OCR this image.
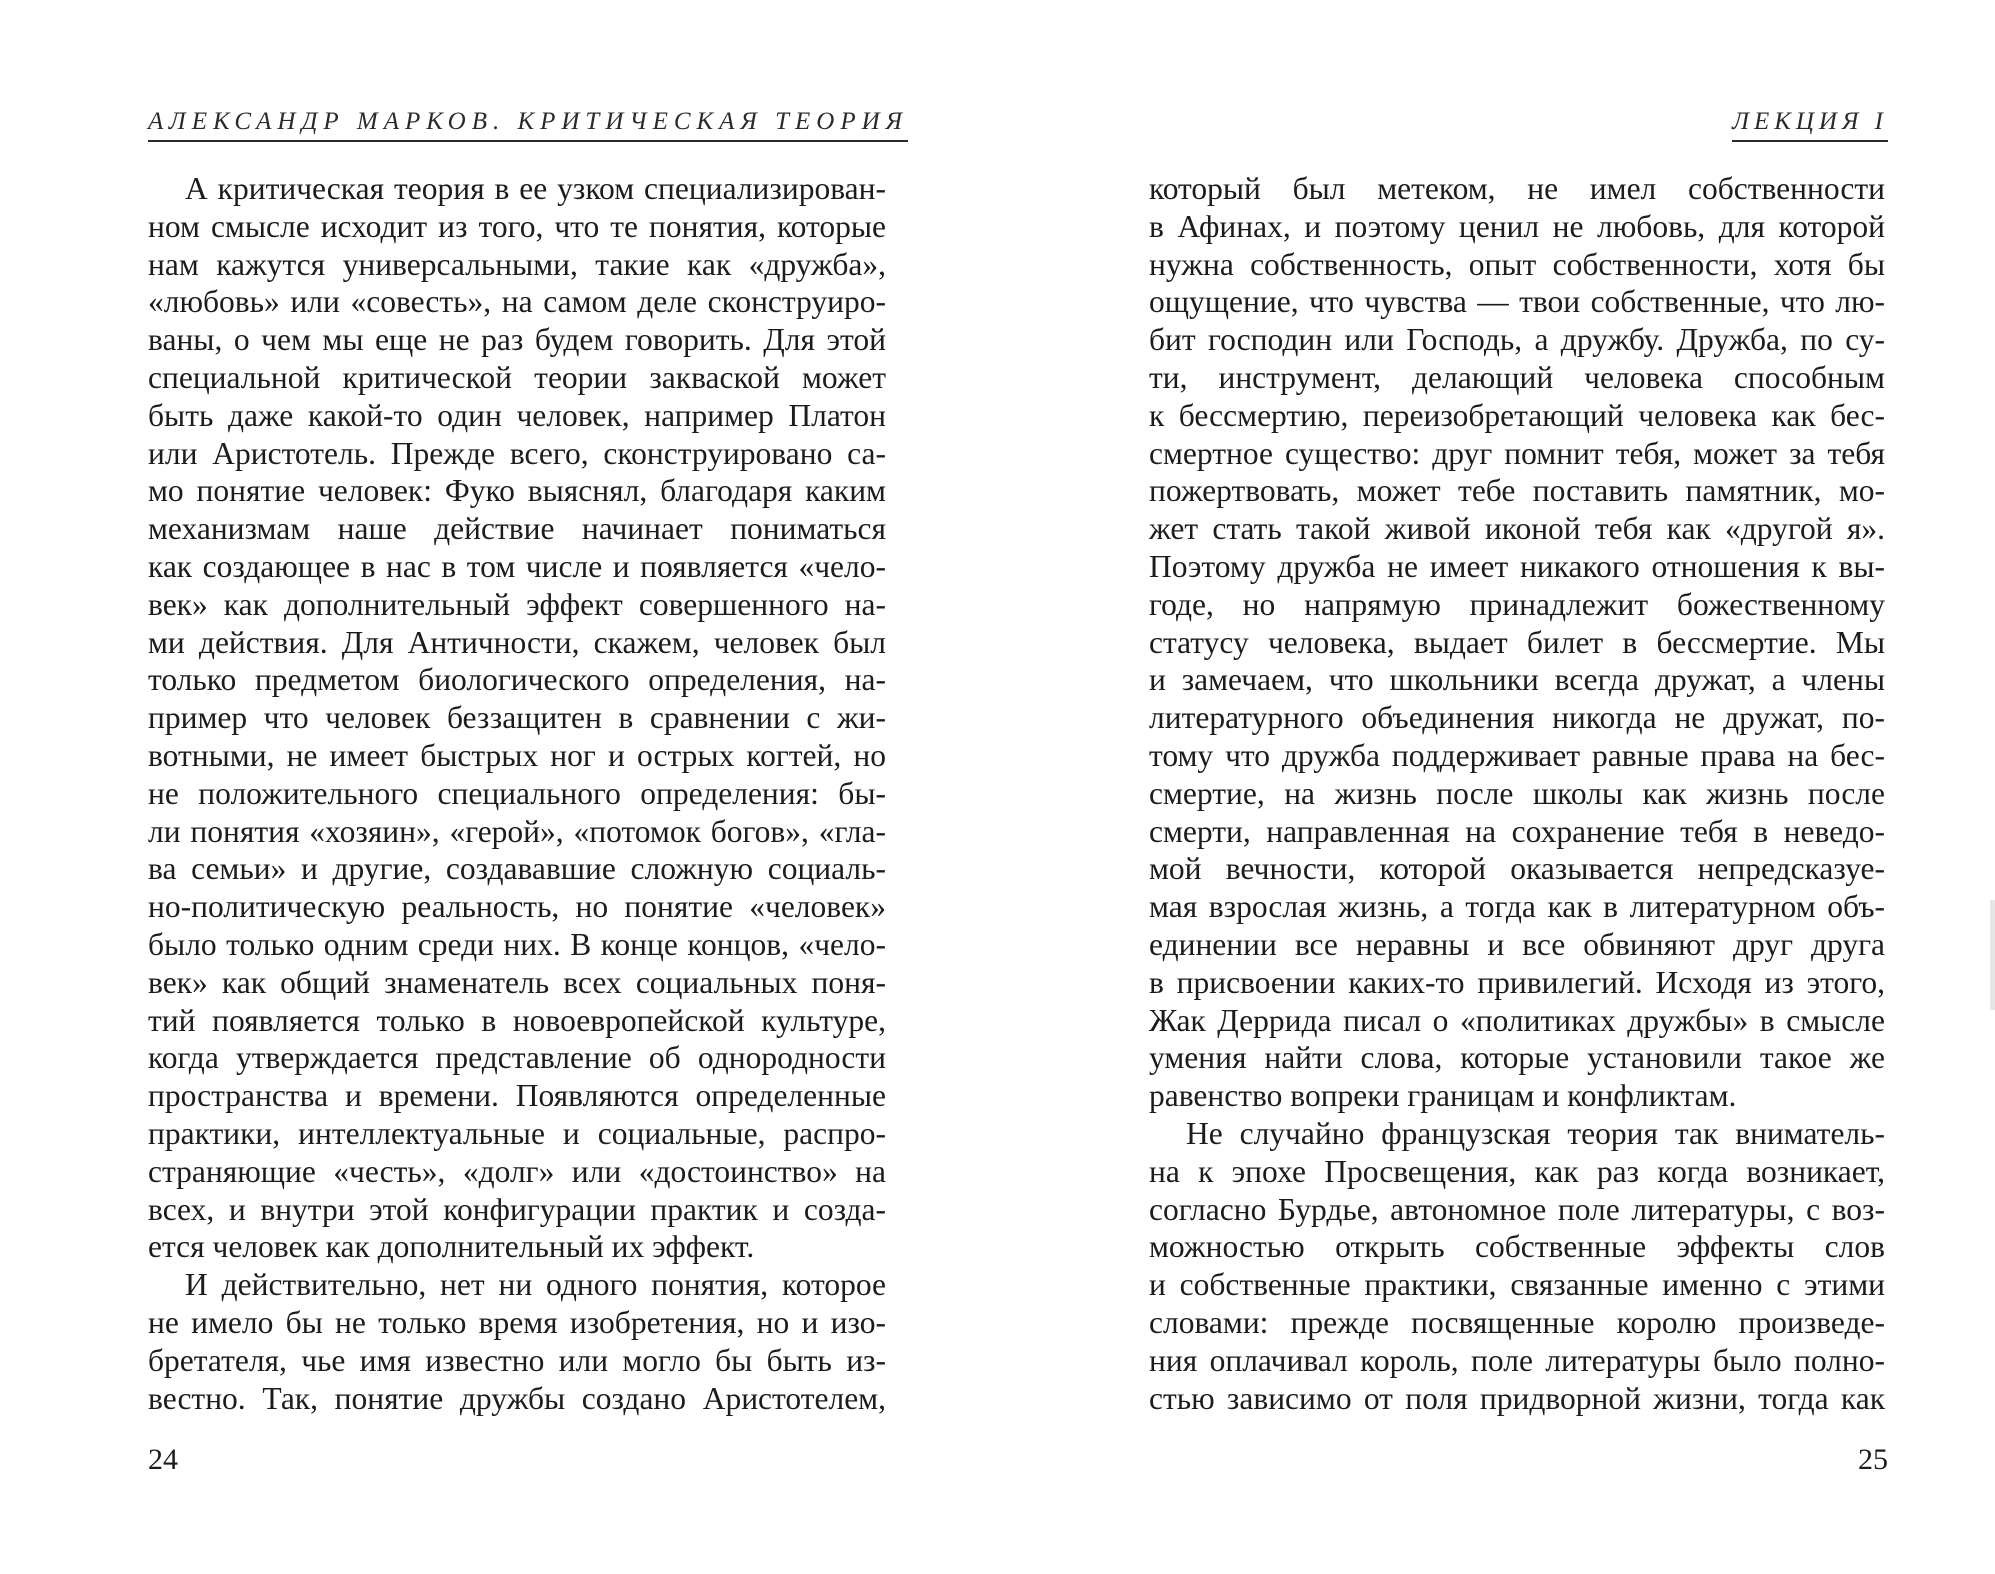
АЛЕКСАНДР МАРКОВ. КРИТИЧЕСКАЯ ТЕОРИЯ
А критическая теория в ее узком специализирован-
ном смысле исходит из того, что те понятия, которые
нам кажутся универсальными, такие как «дружба»,
«любовь» или «совесть», на самом деле сконструиро-
ваны, о чем мы еще не раз будем говорить. Для этой
специальной критической теории закваской может
быть даже какой-то один человек, например Платон
или Аристотель. Прежде всего, сконструировано са-
мо понятие человек: Фуко выяснял, благодаря каким
механизмам наше действие начинает пониматься
как создающее в нас в том числе и появляется «чело-
век» как дополнительный эффект совершенного на-
ми действия. Для Античности, скажем, человек был
только предметом биологического определения, на-
пример что человек беззащитен в сравнении с жи-
вотными, не имеет быстрых ног и острых когтей, но
не положительного специального определения: бы-
ли понятия «хозяин», «герой», «потомок богов», «гла-
ва семьи» и другие, создававшие сложную социаль-
но-политическую реальность, но понятие «человек»
было только одним среди них. В конце концов, «чело-
век» как общий знаменатель всех социальных поня-
тий появляется только в новоевропейской культуре,
когда утверждается представление об однородности
пространства и времени. Появляются определенные
практики, интеллектуальные и социальные, распро-
страняющие «честь», «долг» или «достоинство» на
всех, и внутри этой конфигурации практик и созда-
ется человек как дополнительный их эффект.
И действительно, нет ни одного понятия, которое
не имело бы не только время изобретения, но и изо-
бретателя, чье имя известно или могло бы быть из-
вестно. Так, понятие дружбы создано Аристотелем,
24
ЛЕКЦИЯ I
который был метеком, не имел собственности
в Афинах, и поэтому ценил не любовь, для которой
нужна собственность, опыт собственности, хотя бы
ощущение, что чувства — твои собственные, что лю-
бит господин или Господь, а дружбу. Дружба, по су-
ти, инструмент, делающий человека способным
к бессмертию, переизобретающий человека как бес-
смертное существо: друг помнит тебя, может за тебя
пожертвовать, может тебе поставить памятник, мо-
жет стать такой живой иконой тебя как «другой я».
Поэтому дружба не имеет никакого отношения к вы-
годе, но напрямую принадлежит божественному
статусу человека, выдает билет в бессмертие. Мы
и замечаем, что школьники всегда дружат, а члены
литературного объединения никогда не дружат, по-
тому что дружба поддерживает равные права на бес-
смертие, на жизнь после школы как жизнь после
смерти, направленная на сохранение тебя в неведо-
мой вечности, которой оказывается непредсказуе-
мая взрослая жизнь, а тогда как в литературном объ-
единении все неравны и все обвиняют друг друга
в присвоении каких-то привилегий. Исходя из этого,
Жак Деррида писал о «политиках дружбы» в смысле
умения найти слова, которые установили такое же
равенство вопреки границам и конфликтам.
Не случайно французская теория так вниматель-
на к эпохе Просвещения, как раз когда возникает,
согласно Бурдье, автономное поле литературы, с воз-
можностью открыть собственные эффекты слов
и собственные практики, связанные именно с этими
словами: прежде посвященные королю произведе-
ния оплачивал король, поле литературы было полно-
стью зависимо от поля придворной жизни, тогда как
25
